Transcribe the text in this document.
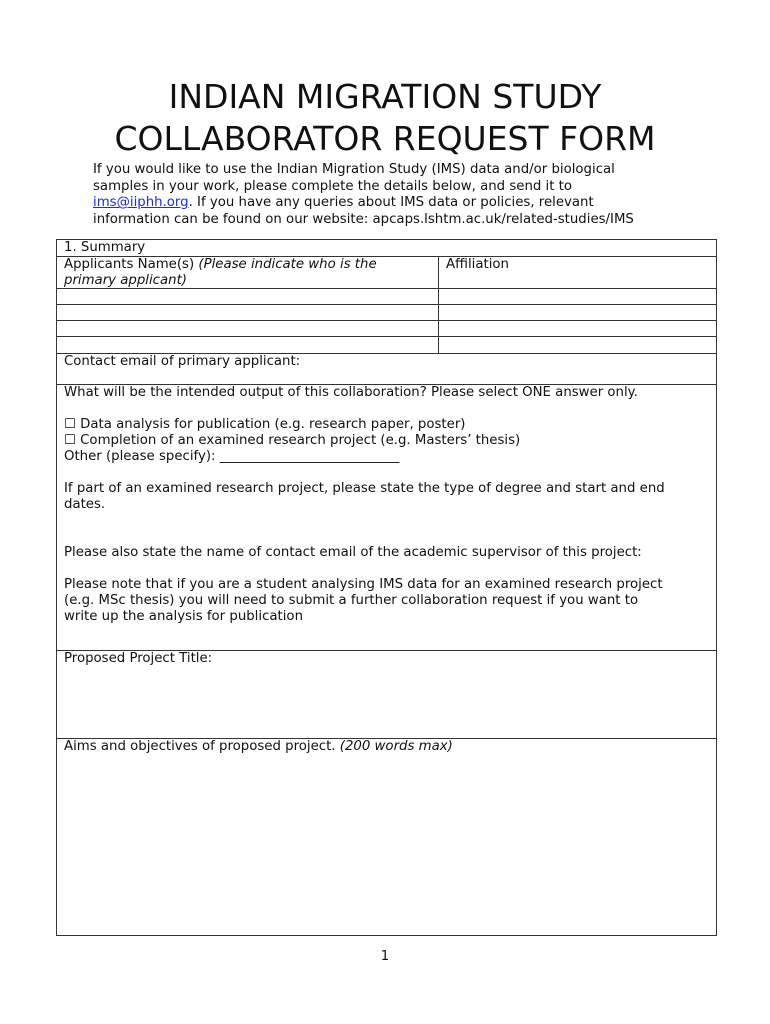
INDIAN MIGRATION STUDY
COLLABORATOR REQUEST FORM
If you would like to use the Indian Migration Study (IMS) data and/or biological
samples in your work, please complete the details below, and send it to
ims@iiphh.org. If you have any queries about IMS data or policies, relevant
information can be found on our website: apcaps.lshtm.ac.uk/related-studies/IMS
1. Summary
Applicants Name(s) (Please indicate who is the
primary applicant)
Affiliation
Contact email of primary applicant:
What will be the intended output of this collaboration? Please select ONE answer only.
☐ Data analysis for publication (e.g. research paper, poster)
☐ Completion of an examined research project (e.g. Masters’ thesis)
Other (please specify): ___________________________
If part of an examined research project, please state the type of degree and start and end
dates.
Please also state the name of contact email of the academic supervisor of this project:
Please note that if you are a student analysing IMS data for an examined research project
(e.g. MSc thesis) you will need to submit a further collaboration request if you want to
write up the analysis for publication
Proposed Project Title:
Aims and objectives of proposed project. (200 words max)
1
